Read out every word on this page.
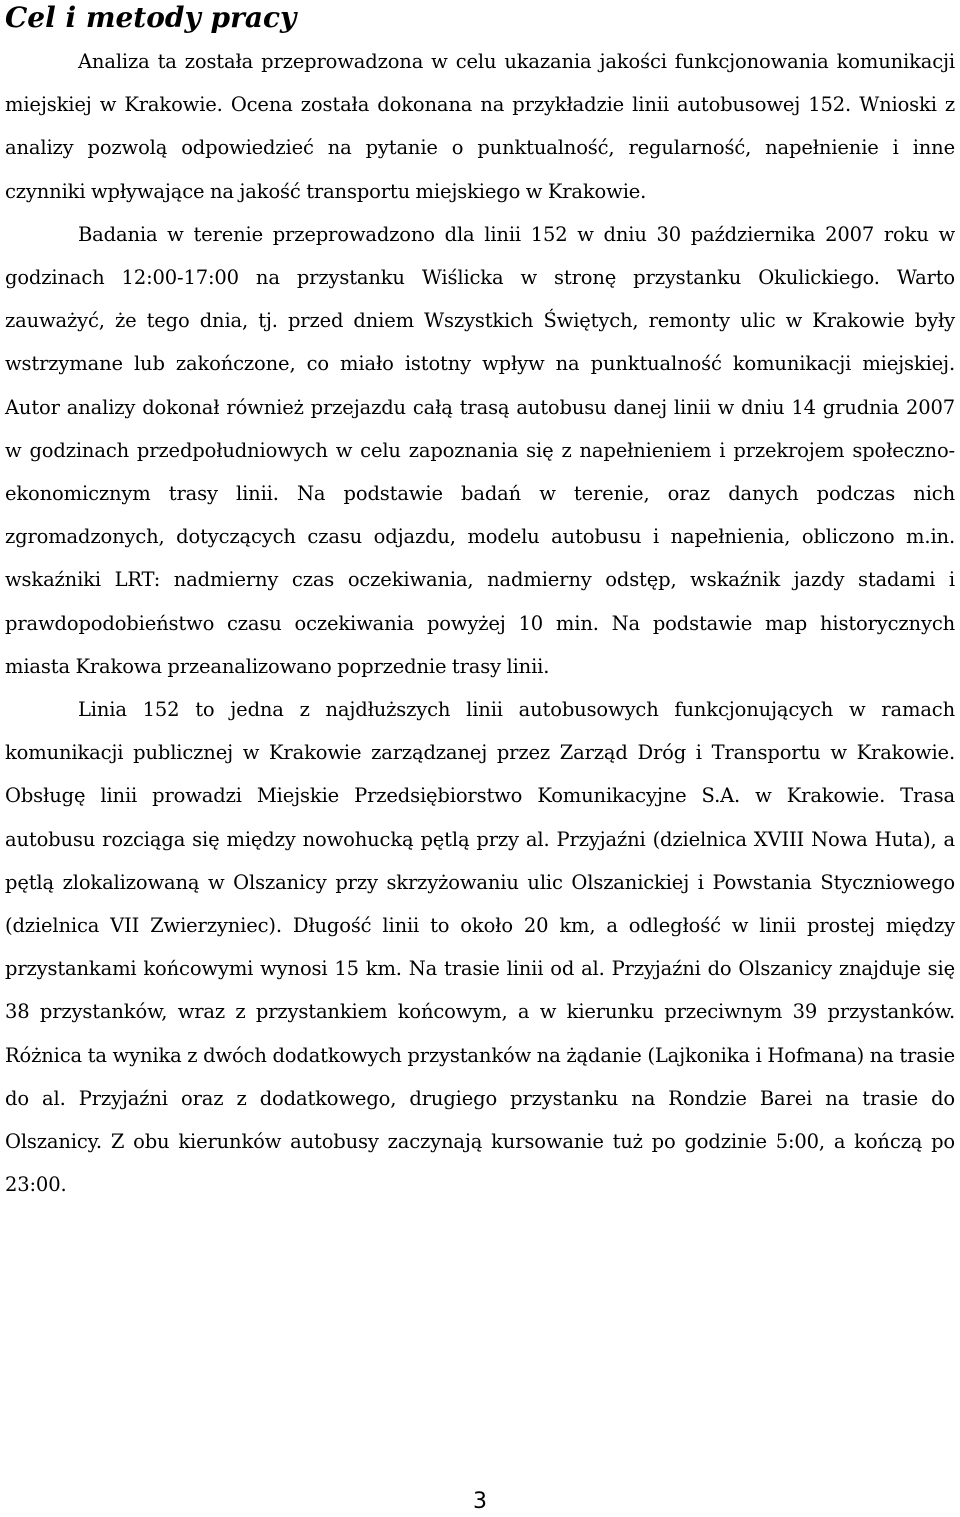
Cel i metody pracy

Analiza ta została przeprowadzona w celu ukazania jakości funkcjonowania komunikacji miejskiej w Krakowie. Ocena została dokonana na przykładzie linii autobusowej 152. Wnioski z analizy pozwolą odpowiedzieć na pytanie o punktualność, regularność, napełnienie i inne czynniki wpływające na jakość transportu miejskiego w Krakowie.

Badania w terenie przeprowadzono dla linii 152 w dniu 30 października 2007 roku w godzinach 12:00-17:00 na przystanku Wiślicka w stronę przystanku Okulickiego. Warto zauważyć, że tego dnia, tj. przed dniem Wszystkich Świętych, remonty ulic w Krakowie były wstrzymane lub zakończone, co miało istotny wpływ na punktualność komunikacji miejskiej. Autor analizy dokonał również przejazdu całą trasą autobusu danej linii w dniu 14 grudnia 2007 w godzinach przedpołudniowych w celu zapoznania się z napełnieniem i przekrojem społeczno-ekonomicznym trasy linii. Na podstawie badań w terenie, oraz danych podczas nich zgromadzonych, dotyczących czasu odjazdu, modelu autobusu i napełnienia, obliczono m.in. wskaźniki LRT: nadmierny czas oczekiwania, nadmierny odstęp, wskaźnik jazdy stadami i prawdopodobieństwo czasu oczekiwania powyżej 10 min. Na podstawie map historycznych miasta Krakowa przeanalizowano poprzednie trasy linii.

Linia 152 to jedna z najdłuższych linii autobusowych funkcjonujących w ramach komunikacji publicznej w Krakowie zarządzanej przez Zarząd Dróg i Transportu w Krakowie. Obsługę linii prowadzi Miejskie Przedsiębiorstwo Komunikacyjne S.A. w Krakowie. Trasa autobusu rozciąga się między nowohucką pętlą przy al. Przyjaźni (dzielnica XVIII Nowa Huta), a pętlą zlokalizowaną w Olszanicy przy skrzyżowaniu ulic Olszanickiej i Powstania Styczniowego (dzielnica VII Zwierzyniec). Długość linii to około 20 km, a odległość w linii prostej między przystankami końcowymi wynosi 15 km. Na trasie linii od al. Przyjaźni do Olszanicy znajduje się 38 przystanków, wraz z przystankiem końcowym, a w kierunku przeciwnym 39 przystanków. Różnica ta wynika z dwóch dodatkowych przystanków na żądanie (Lajkonika i Hofmana) na trasie do al. Przyjaźni oraz z dodatkowego, drugiego przystanku na Rondzie Barei na trasie do Olszanicy. Z obu kierunków autobusy zaczynają kursowanie tuż po godzinie 5:00, a kończą po 23:00.

3
